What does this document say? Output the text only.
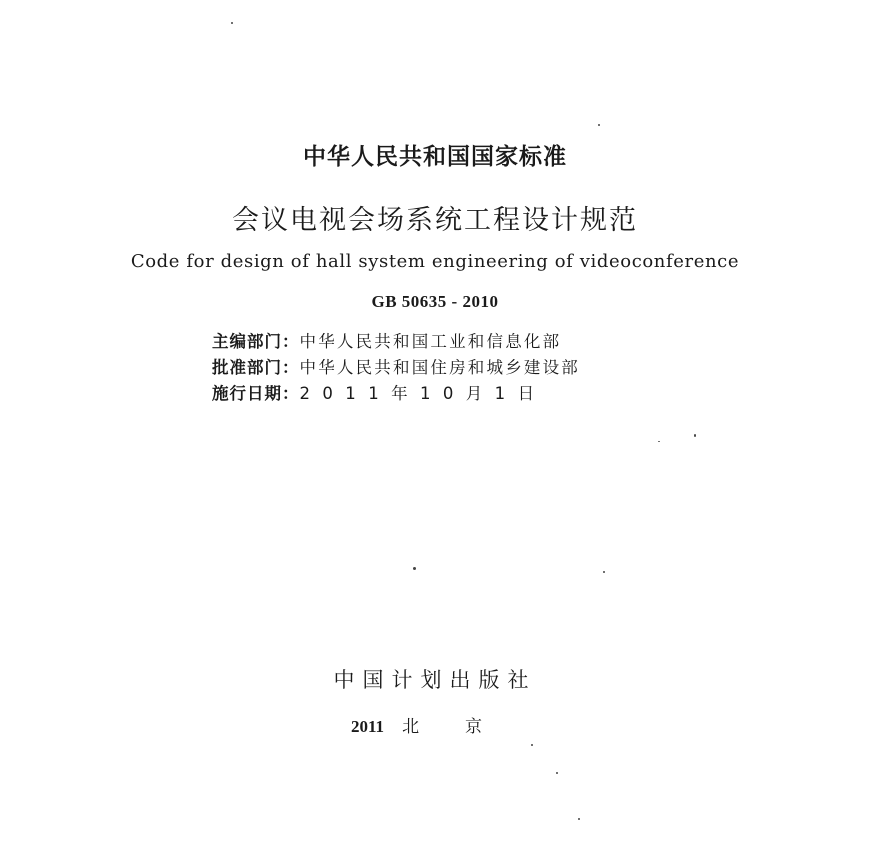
中华人民共和国国家标准
会议电视会场系统工程设计规范
Code for design of hall system engineering of videoconference
GB 50635 - 2010
主编部门：中华人民共和国工业和信息化部
批准部门：中华人民共和国住房和城乡建设部
施行日期：2011年10月1日
中国计划出版社
2011 北京
